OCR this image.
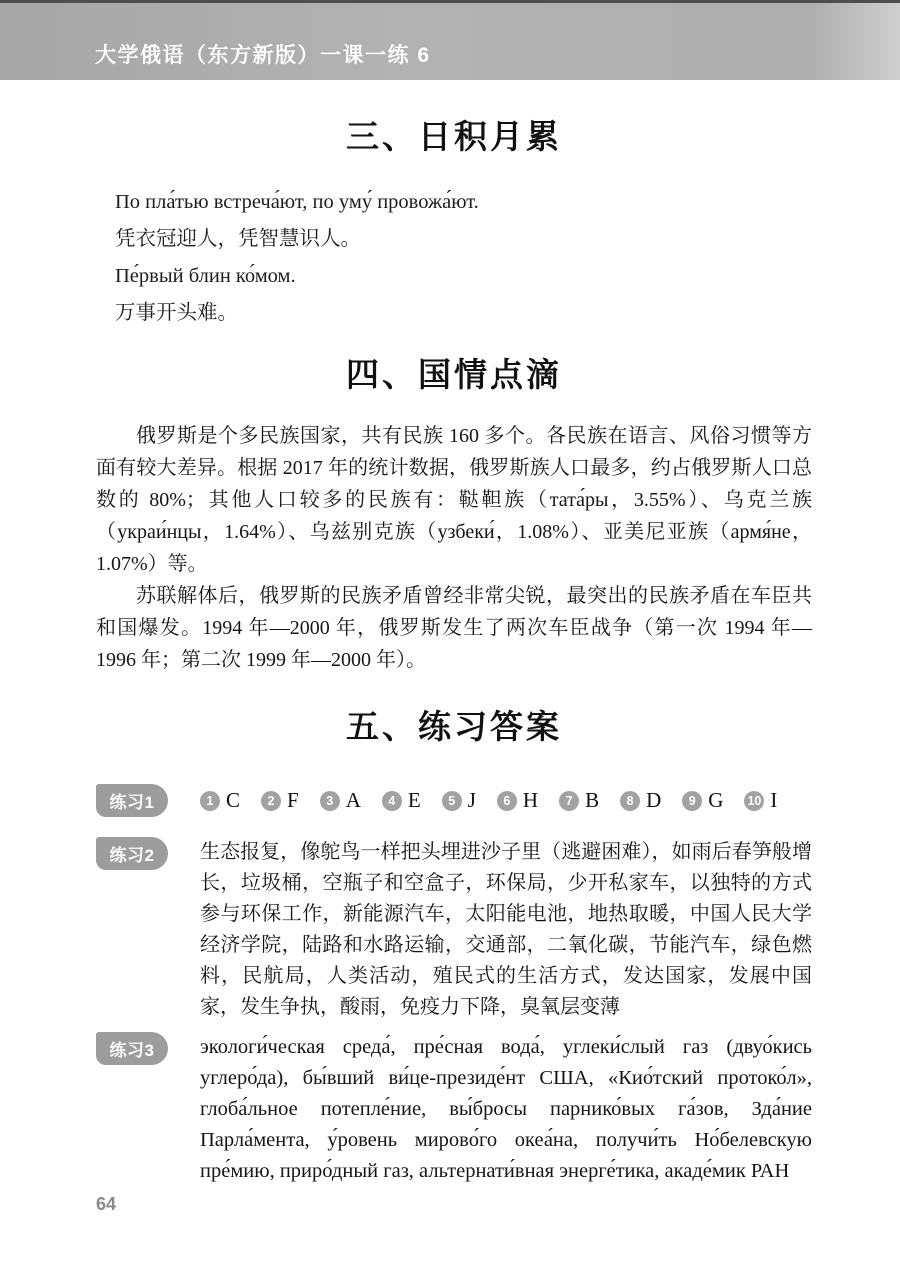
大学俄语（东方新版）一课一练 6
三、日积月累
По пла́тью встреча́ют, по уму́ провожа́ют.
凭衣冠迎人，凭智慧识人。
Пе́рвый блин ко́мом.
万事开头难。
四、国情点滴

俄罗斯是个多民族国家，共有民族 160 多个。各民族在语言、风俗习惯等方面有较大差异。根据 2017 年的统计数据，俄罗斯族人口最多，约占俄罗斯人口总数的 80%；其他人口较多的民族有：鞑靼族（тата́ры，3.55%）、乌克兰族（украи́нцы，1.64%）、乌兹别克族（узбеки́，1.08%）、亚美尼亚族（армя́не，1.07%）等。

苏联解体后，俄罗斯的民族矛盾曾经非常尖锐，最突出的民族矛盾在车臣共和国爆发。1994 年—2000 年，俄罗斯发生了两次车臣战争（第一次 1994 年—1996 年；第二次 1999 年—2000 年）。

五、练习答案
练习1	1 C	2 F	3 A	4 E	5 J	6 H	7 B	8 D	9 G 10 I
练习2	生态报复，像鸵鸟一样把头埋进沙子里（逃避困难），如雨后春笋般增长，垃圾桶，空瓶子和空盒子，环保局，少开私家车，以独特的方式参与环保工作，新能源汽车，太阳能电池，地热取暖，中国人民大学经济学院，陆路和水路运输，交通部，二氧化碳，节能汽车，绿色燃料，民航局，人类活动，殖民式的生活方式，发达国家，发展中国家，发生争执，酸雨，免疫力下降，臭氧层变薄
练习3	экологи́ческая среда́, пре́сная вода́, углеки́слый газ (двуо́кись углеро́да), бы́вший ви́це-президе́нт США, «Кио́тский протоко́л», глоба́льное потепле́ние, вы́бросы парнико́вых га́зов, Зда́ние Парла́мента, у́ровень мирово́го океа́на, получи́ть Но́белевскую пре́мию, приро́дный газ, альтернати́вная энерге́тика, акаде́мик РАН
64
